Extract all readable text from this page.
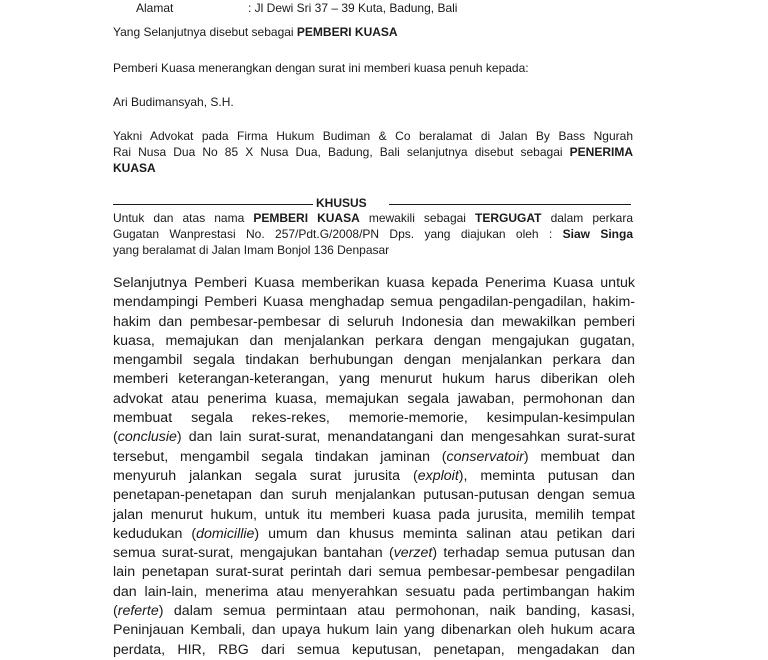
Alamat	: Jl Dewi Sri 37 – 39 Kuta, Badung, Bali
Yang Selanjutnya disebut sebagai PEMBERI KUASA
Pemberi Kuasa menerangkan dengan surat ini memberi kuasa penuh kepada:
Ari Budimansyah, S.H.
Yakni Advokat pada Firma Hukum Budiman & Co beralamat di Jalan By Bass Ngurah
Rai Nusa Dua No 85 X Nusa Dua, Badung, Bali selanjutnya disebut sebagai PENERIMA
KUASA
KHUSUS
Untuk dan atas nama PEMBERI KUASA mewakili sebagai TERGUGAT dalam perkara
Gugatan Wanprestasi No. 257/Pdt.G/2008/PN Dps. yang diajukan oleh : Siaw Singa
yang beralamat di Jalan Imam Bonjol 136 Denpasar
Selanjutnya Pemberi Kuasa memberikan kuasa kepada Penerima Kuasa untuk
mendampingi Pemberi Kuasa menghadap semua pengadilan-pengadilan, hakim-
hakim dan pembesar-pembesar di seluruh Indonesia dan mewakilkan pemberi
kuasa, memajukan dan menjalankan perkara dengan mengajukan gugatan,
mengambil segala tindakan berhubungan dengan menjalankan perkara dan
memberi keterangan-keterangan, yang menurut hukum harus diberikan oleh
advokat atau penerima kuasa, memajukan segala jawaban, permohonan dan
membuat segala rekes-rekes, memorie-memorie, kesimpulan-kesimpulan
(conclusie) dan lain surat-surat, menandatangani dan mengesahkan surat-surat
tersebut, mengambil segala tindakan jaminan (conservatoir) membuat dan
menyuruh jalankan segala surat jurusita (exploit), meminta putusan dan
penetapan-penetapan dan suruh menjalankan putusan-putusan dengan semua
jalan menurut hukum, untuk itu memberi kuasa pada jurusita, memilih tempat
kedudukan (domicillie) umum dan khusus meminta salinan atau petikan dari
semua surat-surat, mengajukan bantahan (verzet) terhadap semua putusan dan
lain penetapan surat-surat perintah dari semua pembesar-pembesar pengadilan
dan lain-lain, menerima atau menyerahkan sesuatu pada pertimbangan hakim
(referte) dalam semua permintaan atau permohonan, naik banding, kasasi,
Peninjauan Kembali, dan upaya hukum lain yang dibenarkan oleh hukum acara
perdata, HIR, RBG dari semua keputusan, penetapan, mengadakan dan
